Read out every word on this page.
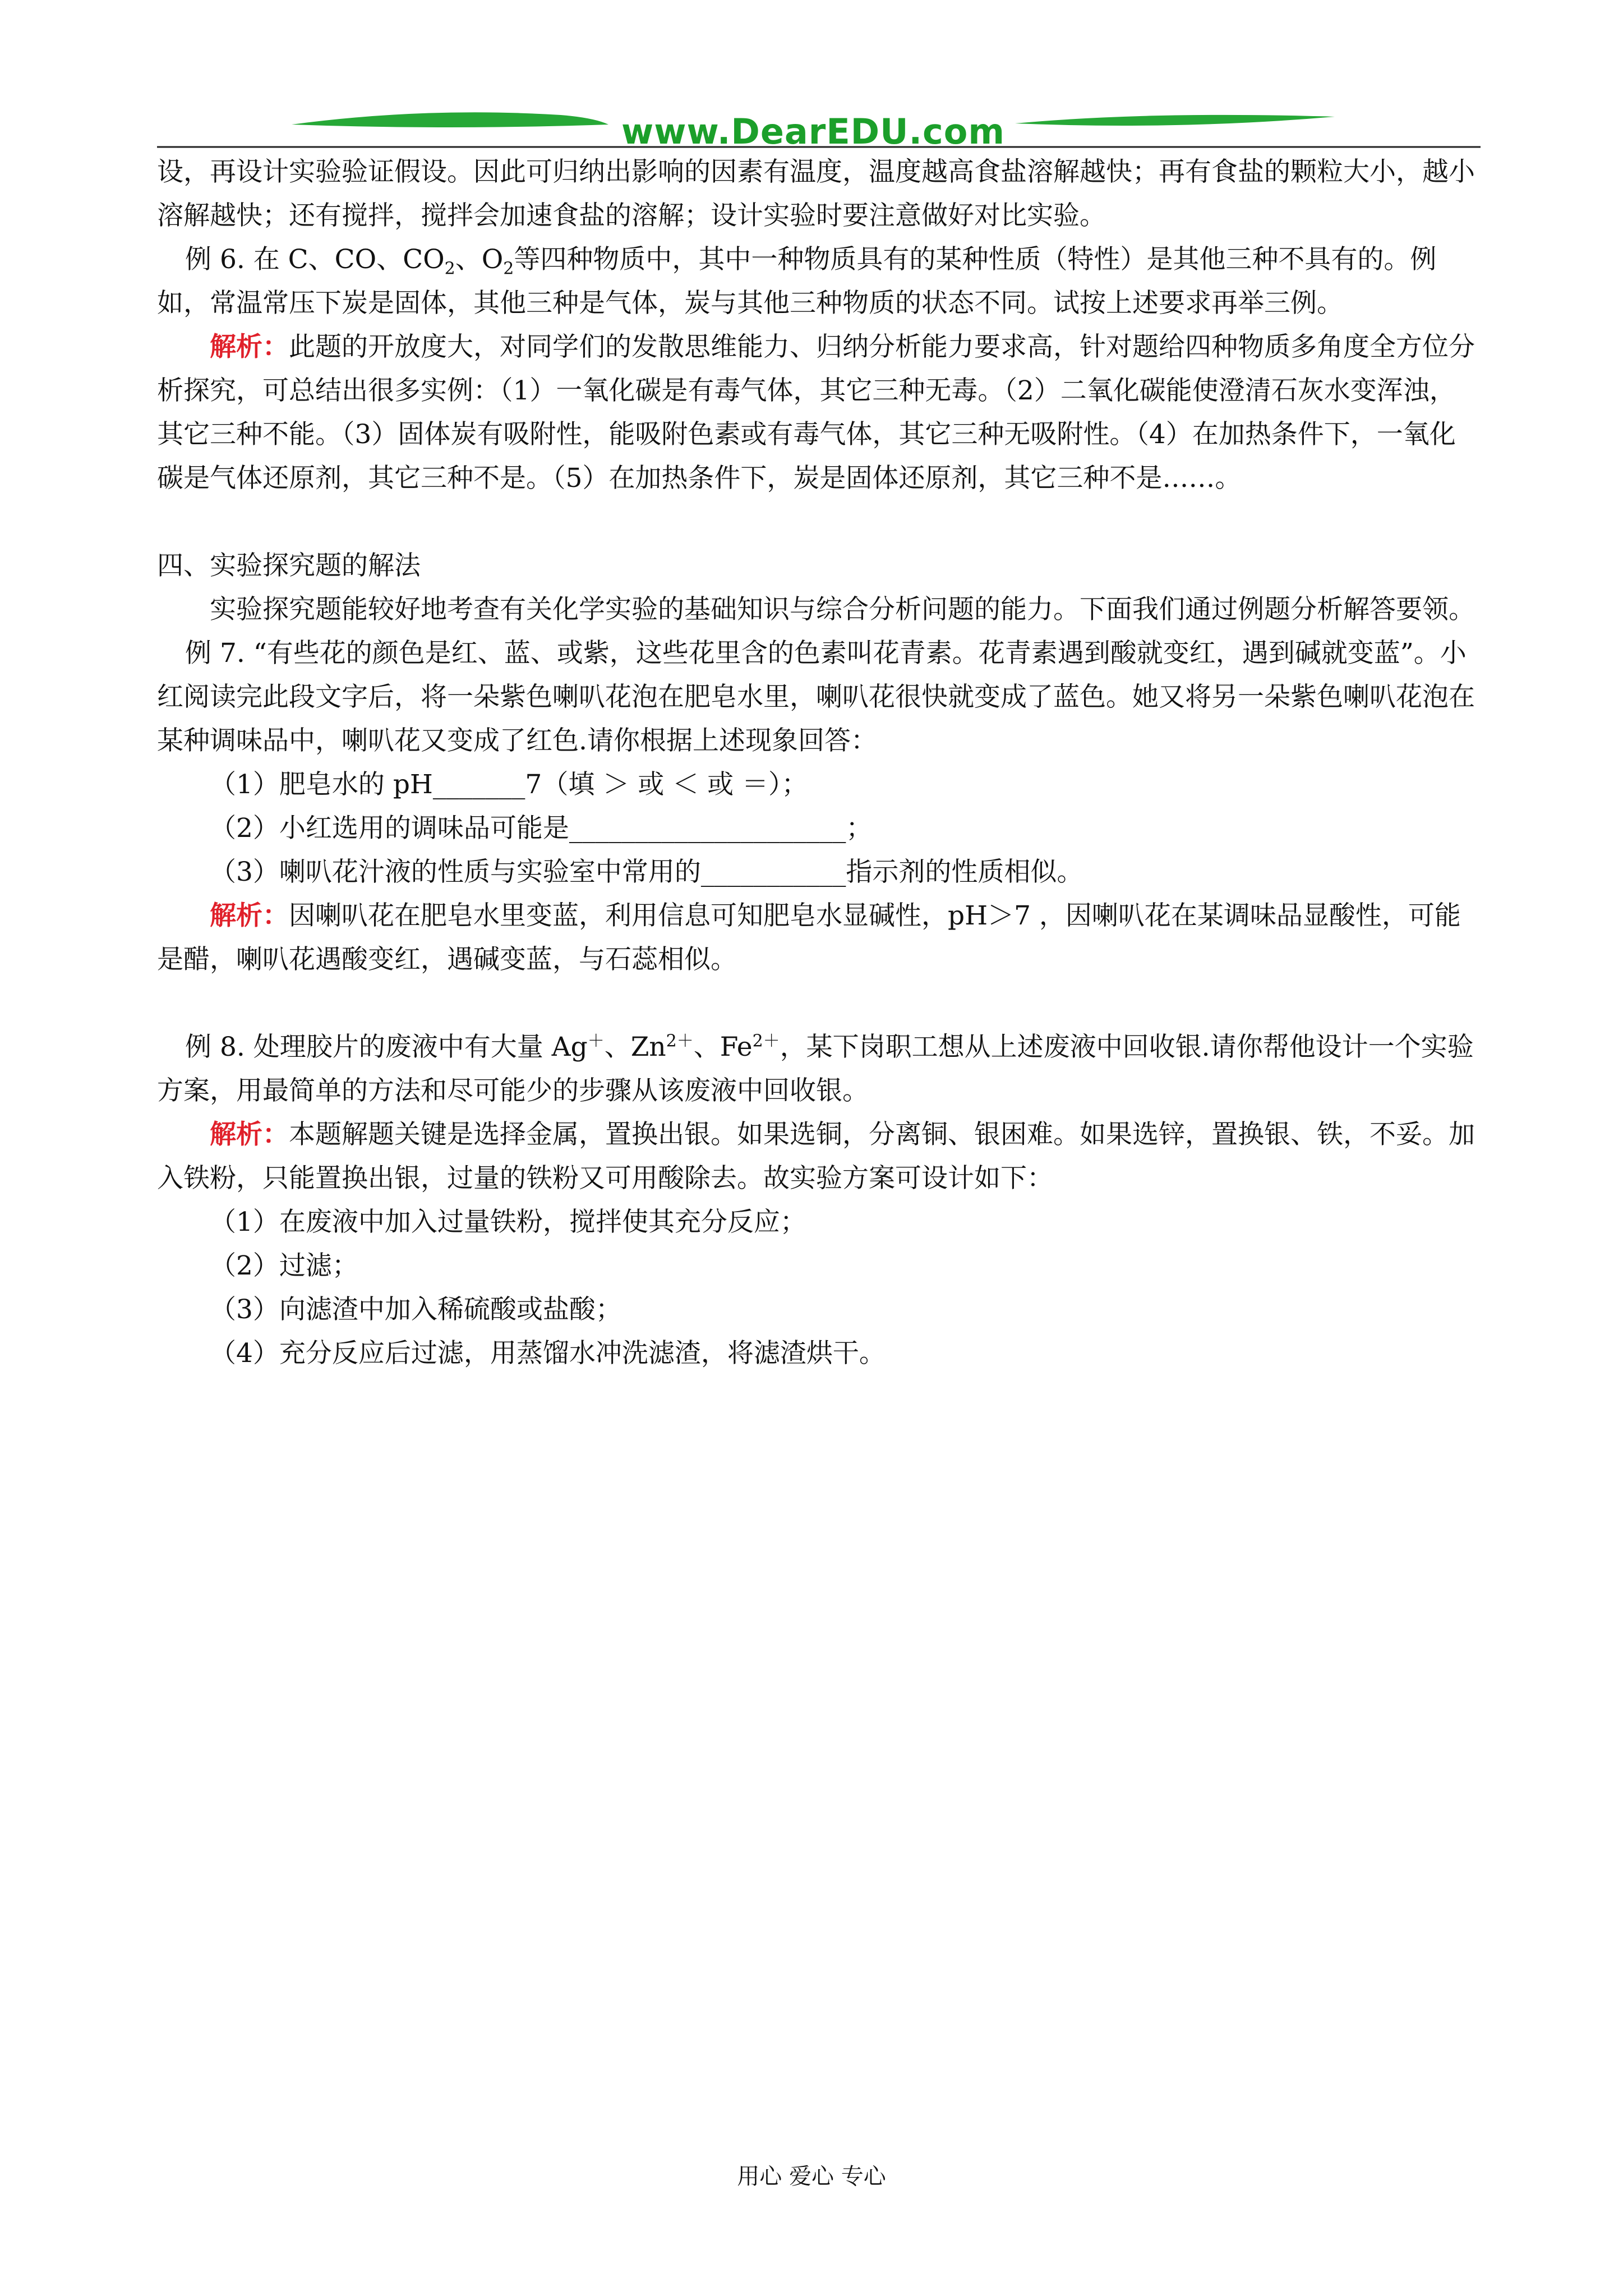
www.DearEDU.com

设，再设计实验验证假设。因此可归纳出影响的因素有温度，温度越高食盐溶解越快；再有食盐的颗粒大小，越小溶解越快；还有搅拌，搅拌会加速食盐的溶解；设计实验时要注意做好对比实验。

例 6. 在 C、CO、$CO_2$、$O_2$等四种物质中，其中一种物质具有的某种性质（特性）是其他三种不具有的。例如，常温常压下炭是固体，其他三种是气体，炭与其他三种物质的状态不同。试按上述要求再举三例。

解析：此题的开放度大，对同学们的发散思维能力、归纳分析能力要求高，针对题给四种物质多角度全方位分析探究，可总结出很多实例：（1）一氧化碳是有毒气体，其它三种无毒。（2）二氧化碳能使澄清石灰水变浑浊，其它三种不能。（3）固体炭有吸附性，能吸附色素或有毒气体，其它三种无吸附性。（4）在加热条件下，一氧化碳是气体还原剂，其它三种不是。（5）在加热条件下，炭是固体还原剂，其它三种不是……。

四、实验探究题的解法

实验探究题能较好地考查有关化学实验的基础知识与综合分析问题的能力。下面我们通过例题分析解答要领。

例 7. “有些花的颜色是红、蓝、或紫，这些花里含的色素叫花青素。花青素遇到酸就变红，遇到碱就变蓝”。小红阅读完此段文字后，将一朵紫色喇叭花泡在肥皂水里，喇叭花很快就变成了蓝色。她又将另一朵紫色喇叭花泡在某种调味品中，喇叭花又变成了红色.请你根据上述现象回答：

（1）肥皂水的 pH_______7（填 ＞ 或 ＜ 或 ＝）；

（2）小红选用的调味品可能是_____________________；

（3）喇叭花汁液的性质与实验室中常用的___________指示剂的性质相似。

解析：因喇叭花在肥皂水里变蓝，利用信息可知肥皂水显碱性，pH＞7 ，因喇叭花在某调味品显酸性，可能是醋，喇叭花遇酸变红，遇碱变蓝，与石蕊相似。

例 8. 处理胶片的废液中有大量 Ag＋、$Zn^{2+}$、$Fe^{2+}$，某下岗职工想从上述废液中回收银.请你帮他设计一个实验方案，用最简单的方法和尽可能少的步骤从该废液中回收银。

解析：本题解题关键是选择金属，置换出银。如果选铜，分离铜、银困难。如果选锌，置换银、铁，不妥。加入铁粉，只能置换出银，过量的铁粉又可用酸除去。故实验方案可设计如下：

（1）在废液中加入过量铁粉，搅拌使其充分反应；

（2）过滤；

（3）向滤渣中加入稀硫酸或盐酸；

（4）充分反应后过滤，用蒸馏水冲洗滤渣，将滤渣烘干。

用心 爱心 专心
